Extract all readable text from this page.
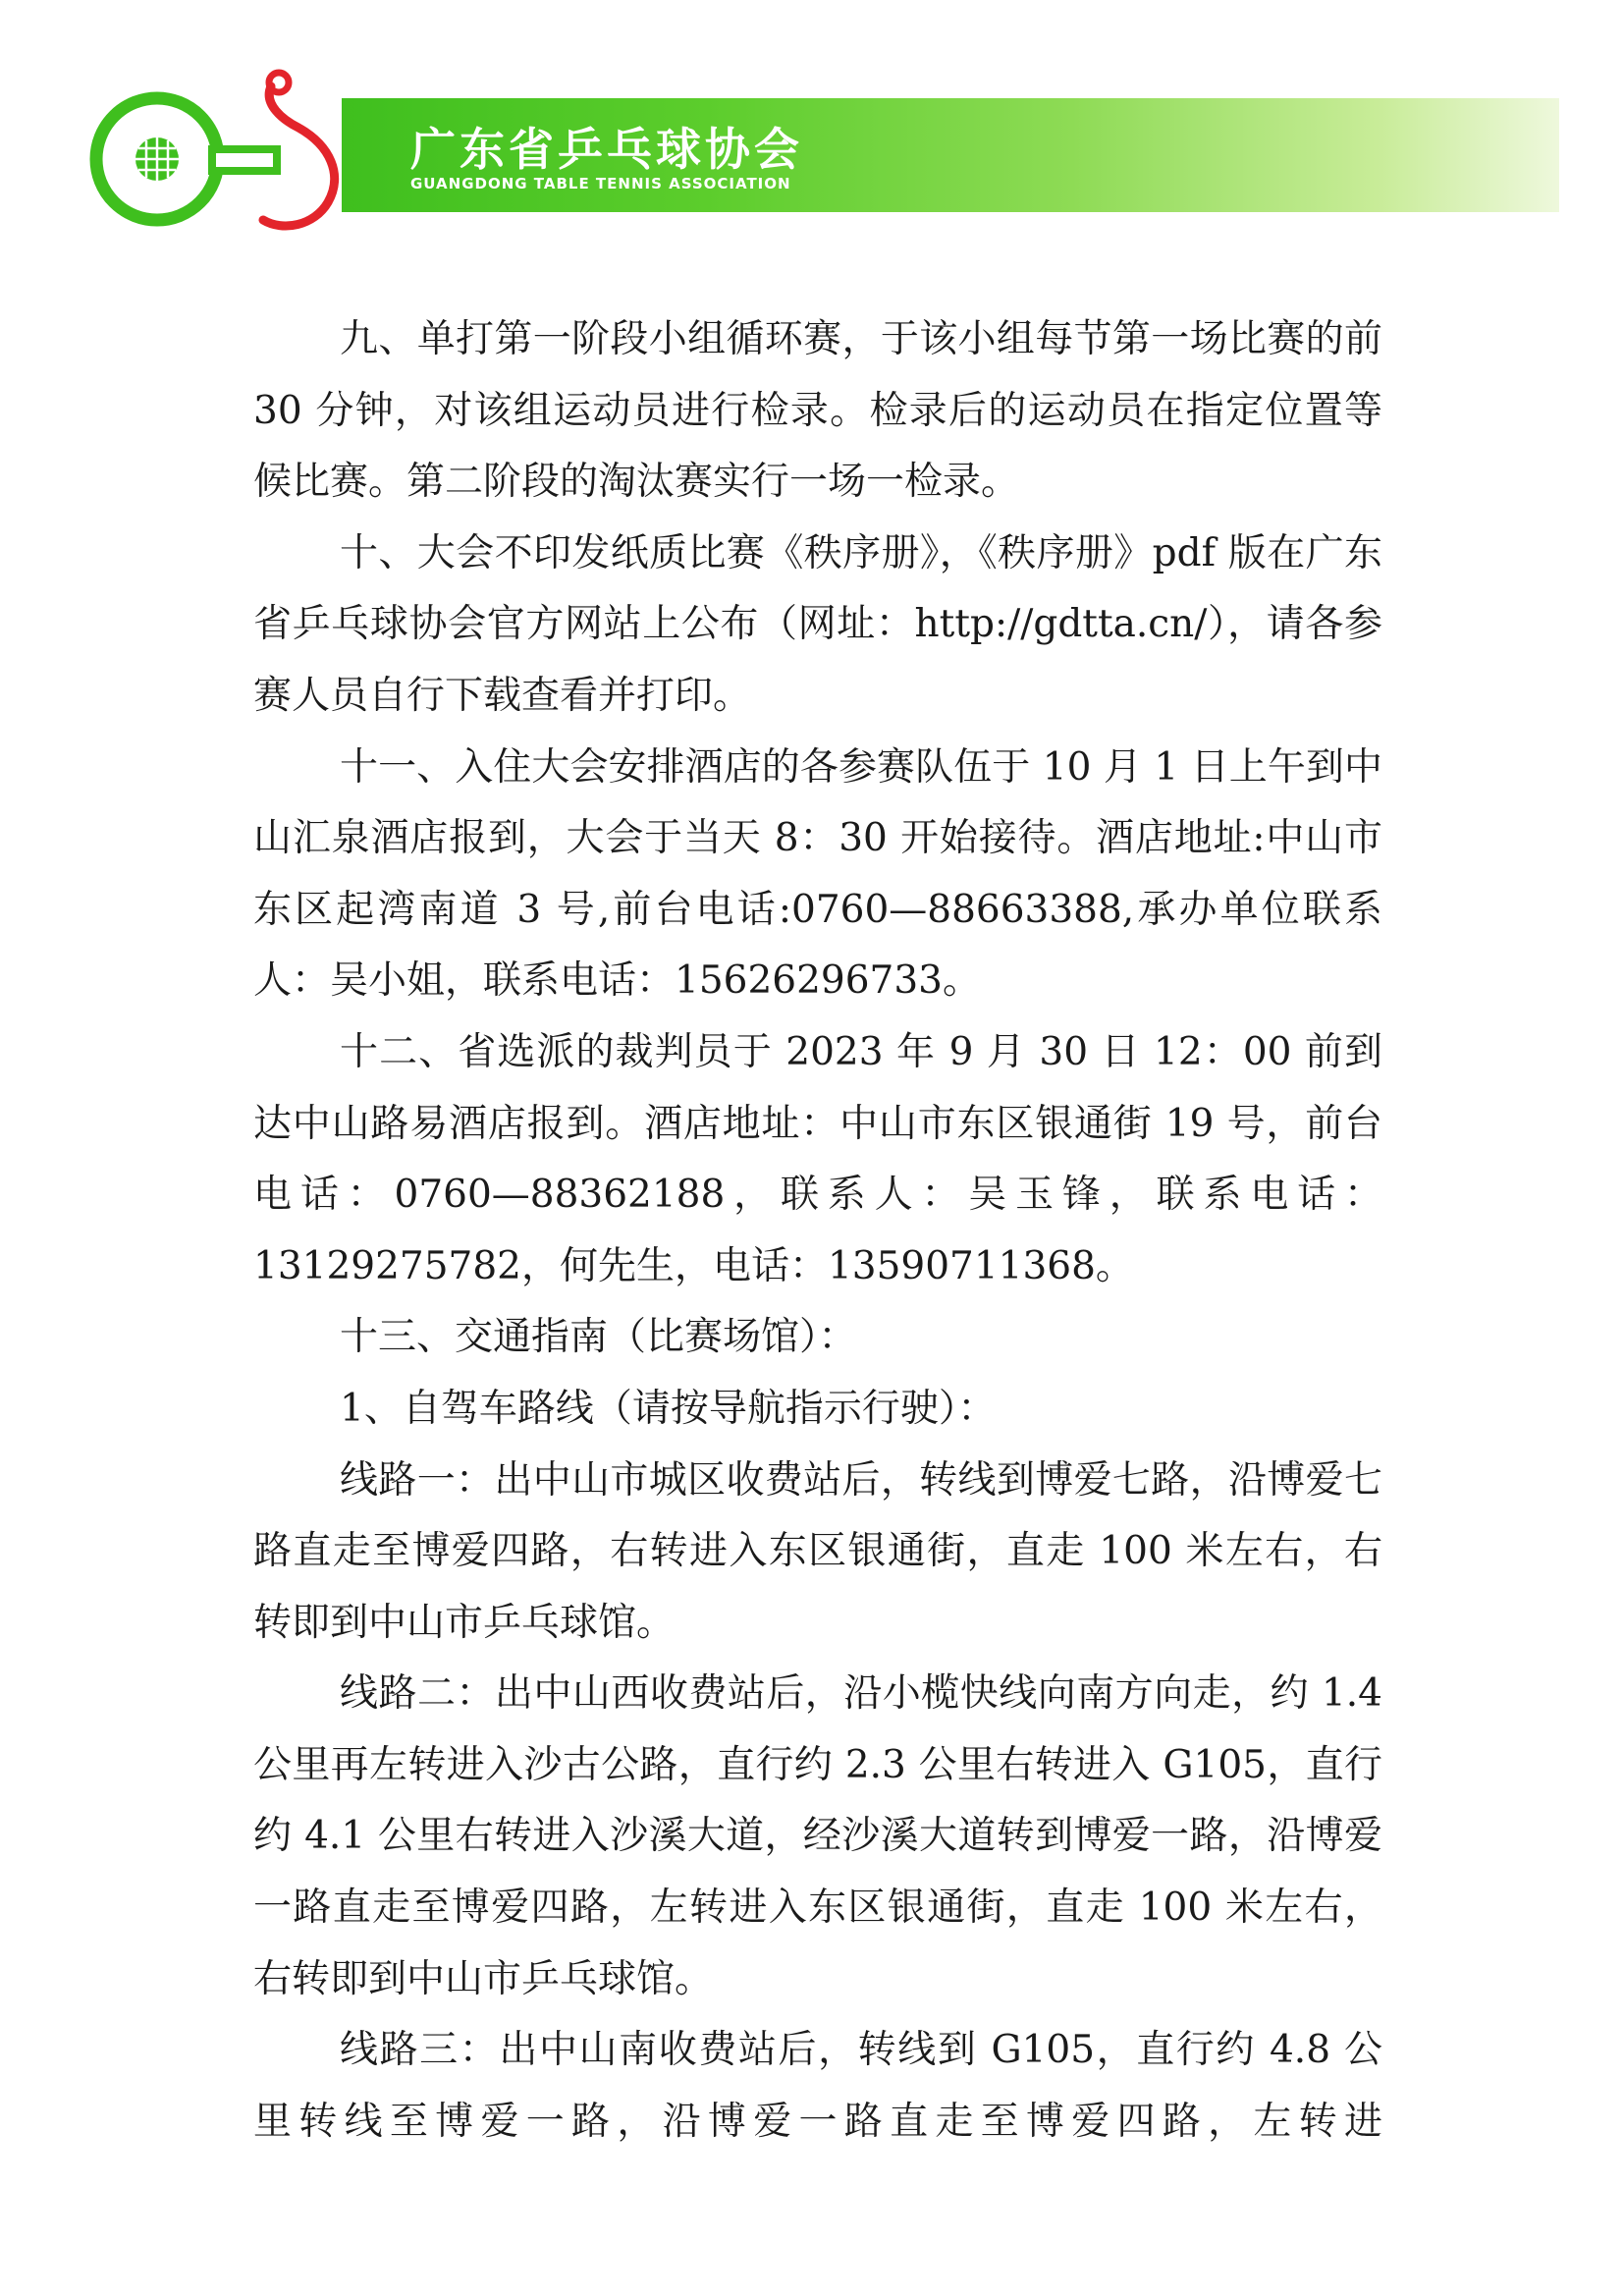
广东省乒乓球协会
GUANGDONG TABLE TENNIS ASSOCIATION

九、单打第一阶段小组循环赛，于该小组每节第一场比赛的前 30 分钟，对该组运动员进行检录。检录后的运动员在指定位置等候比赛。第二阶段的淘汰赛实行一场一检录。

十、大会不印发纸质比赛《秩序册》，《秩序册》pdf 版在广东省乒乓球协会官方网站上公布（网址：http://gdtta.cn/），请各参赛人员自行下载查看并打印。

十一、入住大会安排酒店的各参赛队伍于 10 月 1 日上午到中山汇泉酒店报到，大会于当天 8：30 开始接待。酒店地址:中山市东区起湾南道 3 号,前台电话:0760—88663388,承办单位联系人：吴小姐，联系电话：15626296733。

十二、省选派的裁判员于 2023 年 9 月 30 日 12：00 前到达中山路易酒店报到。酒店地址：中山市东区银通街 19 号，前台电话：0760—88362188，联系人：吴玉锋，联系电话：13129275782，何先生，电话：13590711368。

十三、交通指南（比赛场馆）：

1、自驾车路线（请按导航指示行驶）：

线路一：出中山市城区收费站后，转线到博爱七路，沿博爱七路直走至博爱四路，右转进入东区银通街，直走 100 米左右，右转即到中山市乒乓球馆。

线路二：出中山西收费站后，沿小榄快线向南方向走，约 1.4 公里再左转进入沙古公路，直行约 2.3 公里右转进入 G105，直行约 4.1 公里右转进入沙溪大道，经沙溪大道转到博爱一路，沿博爱一路直走至博爱四路，左转进入东区银通街，直走 100 米左右，右转即到中山市乒乓球馆。

线路三：出中山南收费站后，转线到 G105，直行约 4.8 公里转线至博爱一路，沿博爱一路直走至博爱四路，左转进
